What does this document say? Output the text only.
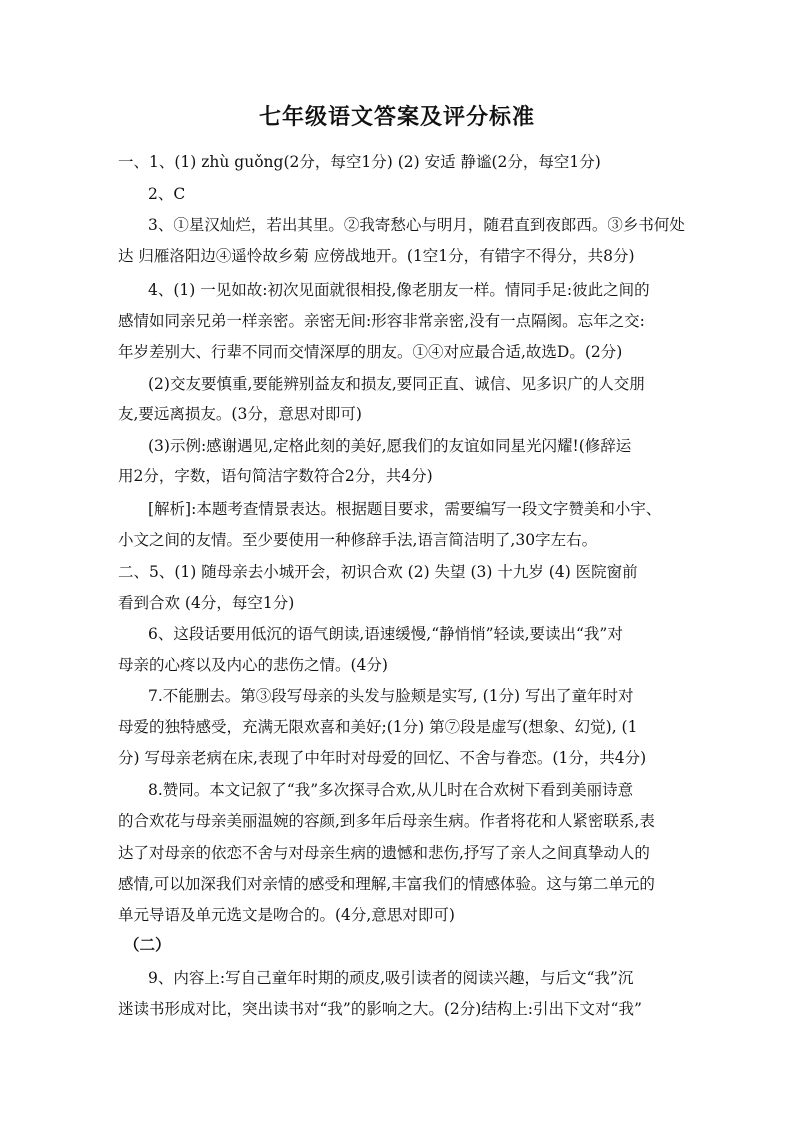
七年级语文答案及评分标准
一、1、(1) zhù guǒng(2分，每空1分) (2) 安适 静谧(2分，每空1分)
2、C
3、①星汉灿烂，若出其里。②我寄愁心与明月，随君直到夜郎西。③乡书何处
达 归雁洛阳边④遥怜故乡菊 应傍战地开。(1空1分，有错字不得分，共8分)
4、(1) 一见如故:初次见面就很相投,像老朋友一样。情同手足:彼此之间的
感情如同亲兄弟一样亲密。亲密无间:形容非常亲密,没有一点隔阂。忘年之交:
年岁差别大、行辈不同而交情深厚的朋友。①④对应最合适,故选D。(2分)
(2)交友要慎重,要能辨别益友和损友,要同正直、诚信、见多识广的人交朋
友,要远离损友。(3分，意思对即可)
(3)示例:感谢遇见,定格此刻的美好,愿我们的友谊如同星光闪耀!(修辞运
用2分，字数，语句简洁字数符合2分，共4分)
[解析]:本题考查情景表达。根据题目要求，需要编写一段文字赞美和小宇、
小文之间的友情。至少要使用一种修辞手法,语言简洁明了,30字左右。
二、5、(1) 随母亲去小城开会，初识合欢 (2) 失望 (3) 十九岁 (4) 医院窗前
看到合欢 (4分，每空1分)
6、这段话要用低沉的语气朗读,语速缓慢,“静悄悄”轻读,要读出“我”对
母亲的心疼以及内心的悲伤之情。(4分)
7.不能删去。第③段写母亲的头发与脸颊是实写, (1分) 写出了童年时对
母爱的独特感受，充满无限欢喜和美好;(1分) 第⑦段是虚写(想象、幻觉), (1
分) 写母亲老病在床,表现了中年时对母爱的回忆、不舍与眷恋。(1分，共4分)
8.赞同。本文记叙了“我”多次探寻合欢,从儿时在合欢树下看到美丽诗意
的合欢花与母亲美丽温婉的容颜,到多年后母亲生病。作者将花和人紧密联系,表
达了对母亲的依恋不舍与对母亲生病的遗憾和悲伤,抒写了亲人之间真挚动人的
感情,可以加深我们对亲情的感受和理解,丰富我们的情感体验。这与第二单元的
单元导语及单元选文是吻合的。(4分,意思对即可)
（二）
9、内容上:写自己童年时期的顽皮,吸引读者的阅读兴趣，与后文“我”沉
迷读书形成对比，突出读书对“我”的影响之大。(2分)结构上:引出下文对“我”
